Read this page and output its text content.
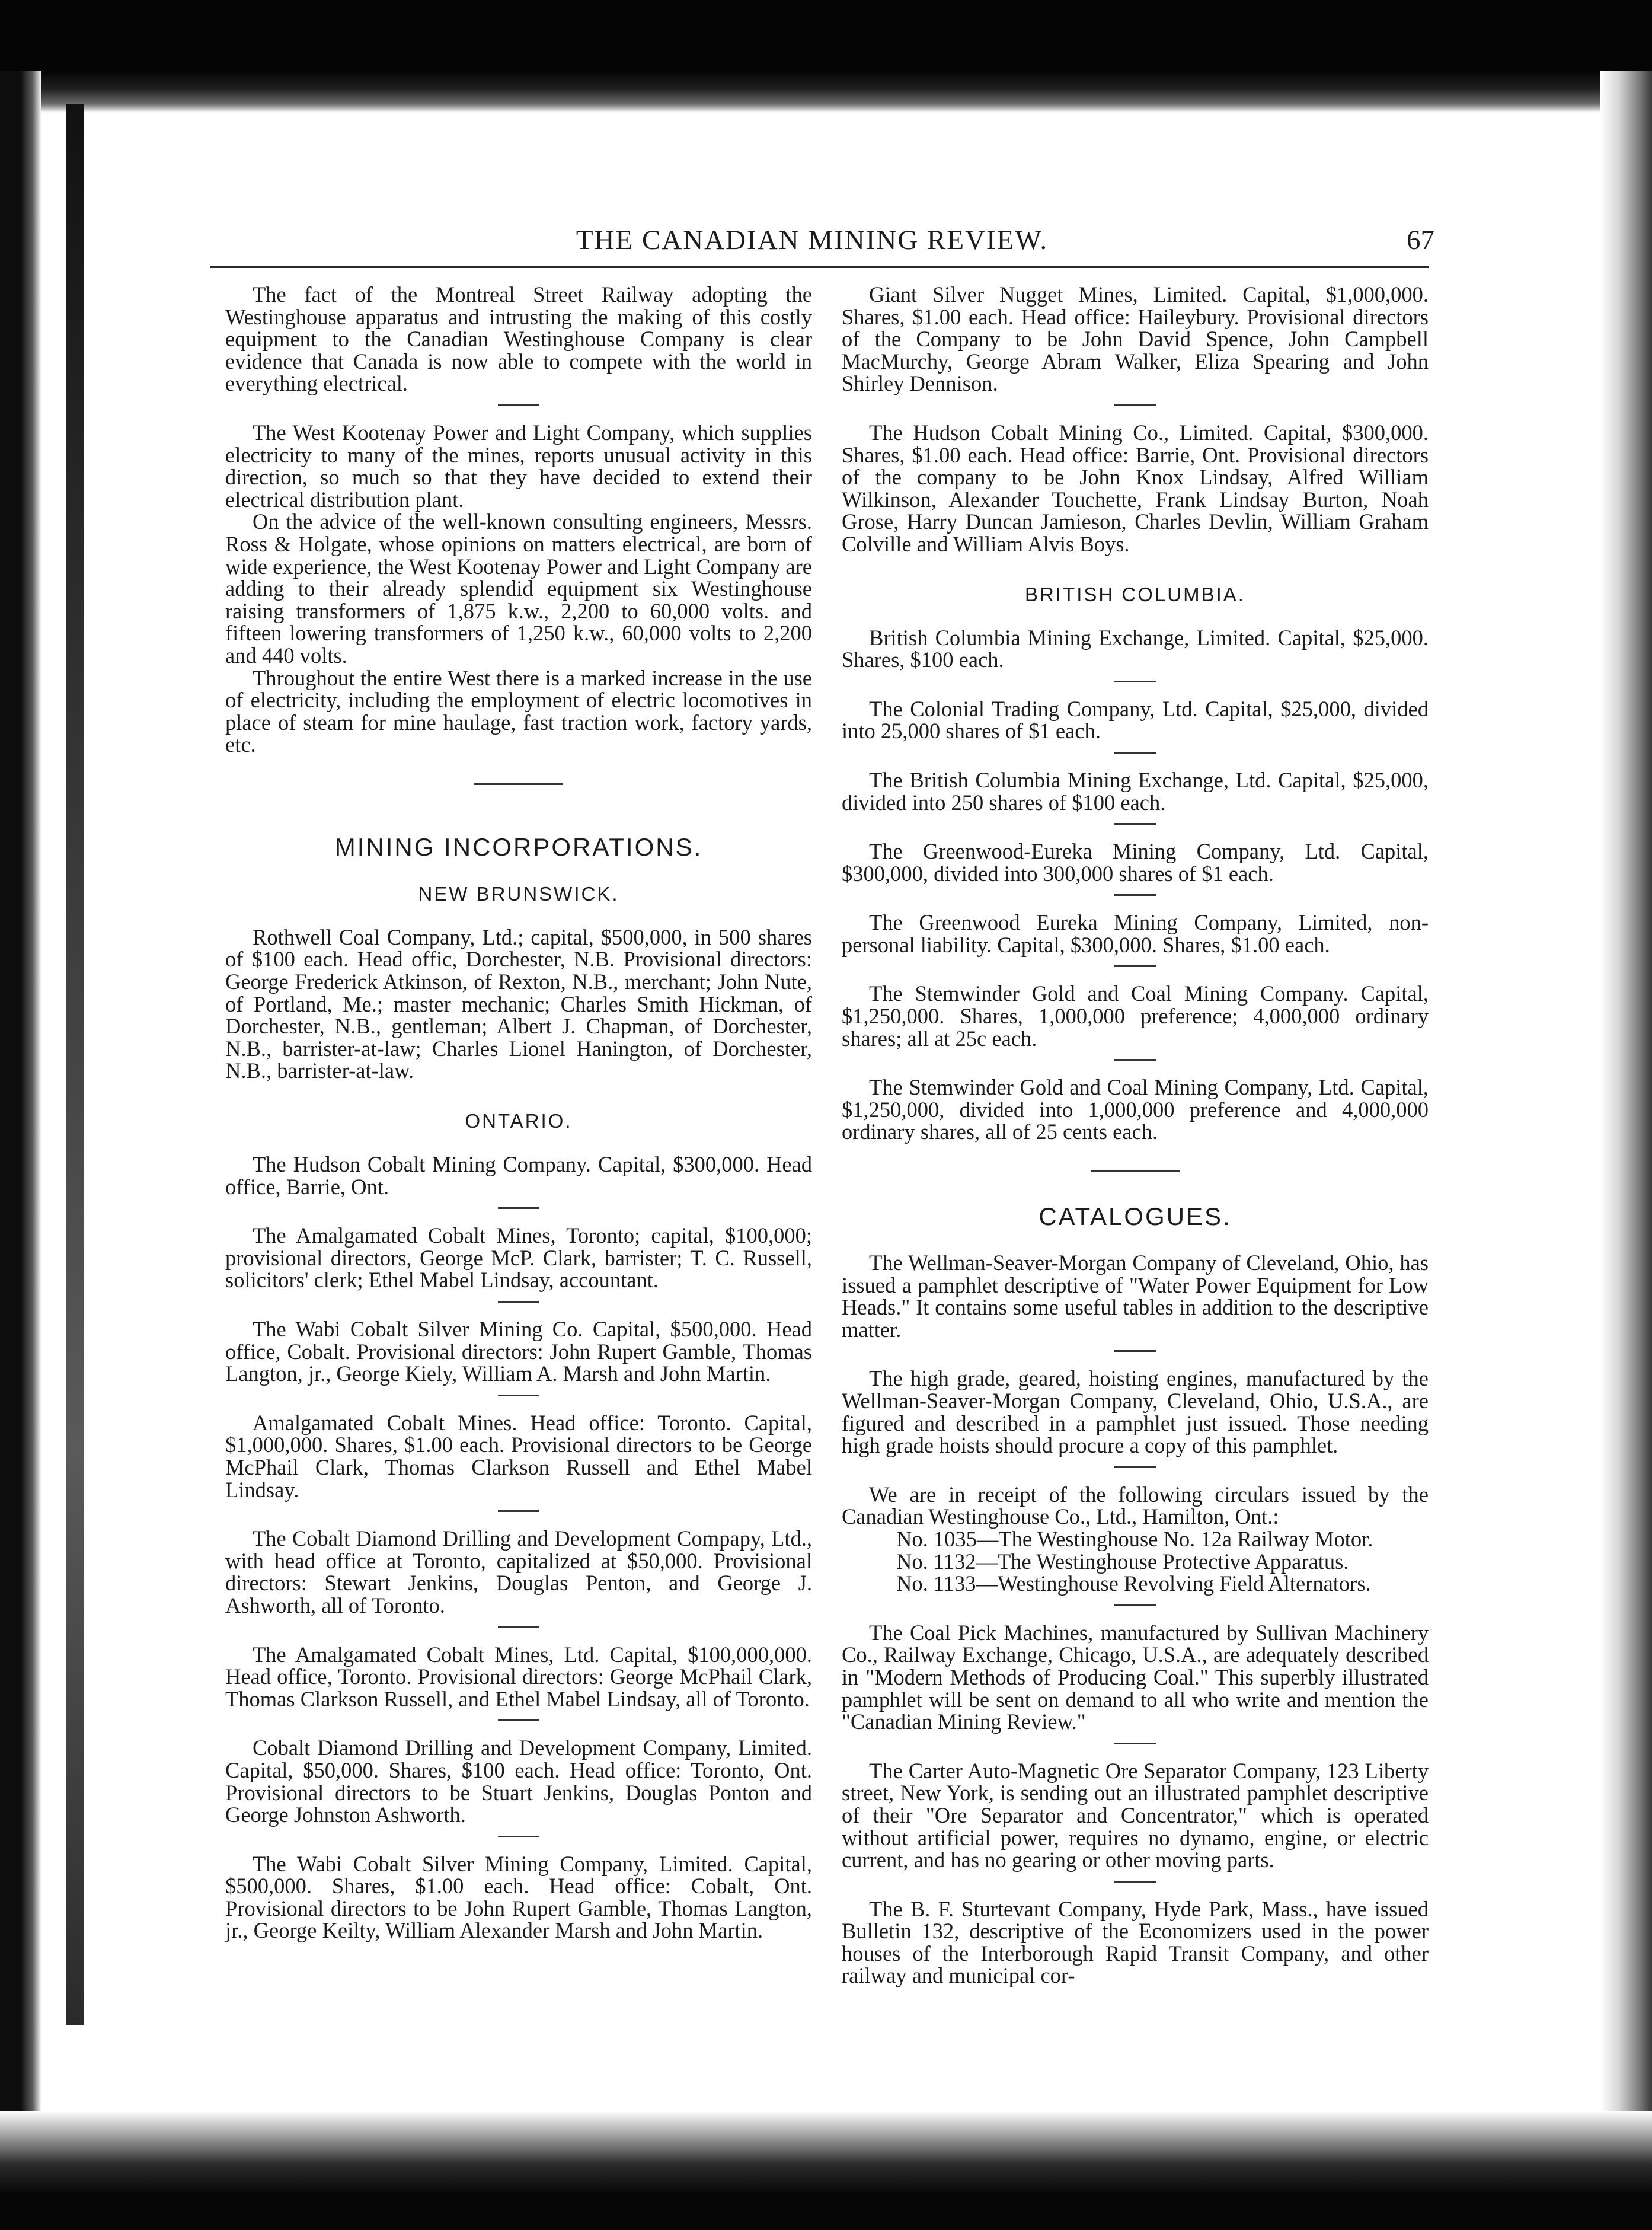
THE CANADIAN MINING REVIEW.	67

The fact of the Montreal Street Railway adopting the Westinghouse apparatus and intrusting the making of this costly equipment to the Canadian Westinghouse Company is clear evidence that Canada is now able to compete with the world in everything electrical.

The West Kootenay Power and Light Company, which supplies electricity to many of the mines, reports unusual activity in this direction, so much so that they have decided to extend their electrical distribution plant.

On the advice of the well-known consulting engineers, Messrs. Ross & Holgate, whose opinions on matters electrical, are born of wide experience, the West Kootenay Power and Light Company are adding to their already splendid equipment six Westinghouse raising transformers of 1,875 k.w., 2,200 to 60,000 volts. and fifteen lowering transformers of 1,250 k.w., 60,000 volts to 2,200 and 440 volts.

Throughout the entire West there is a marked increase in the use of electricity, including the employment of electric locomotives in place of steam for mine haulage, fast traction work, factory yards, etc.

MINING INCORPORATIONS.
NEW BRUNSWICK.

Rothwell Coal Company, Ltd.; capital, $500,000, in 500 shares of $100 each. Head offic, Dorchester, N.B. Provisional directors: George Frederick Atkinson, of Rexton, N.B., merchant; John Nute, of Portland, Me.; master mechanic; Charles Smith Hickman, of Dorchester, N.B., gentleman; Albert J. Chapman, of Dorchester, N.B., barrister-at-law; Charles Lionel Hanington, of Dorchester, N.B., barrister-at-law.

ONTARIO.

The Hudson Cobalt Mining Company. Capital, $300,000. Head office, Barrie, Ont.

The Amalgamated Cobalt Mines, Toronto; capital, $100,000; provisional directors, George McP. Clark, barrister; T. C. Russell, solicitors' clerk; Ethel Mabel Lindsay, accountant.

The Wabi Cobalt Silver Mining Co. Capital, $500,000. Head office, Cobalt. Provisional directors: John Rupert Gamble, Thomas Langton, jr., George Kiely, William A. Marsh and John Martin.

Amalgamated Cobalt Mines. Head office: Toronto. Capital, $1,000,000. Shares, $1.00 each. Provisional directors to be George McPhail Clark, Thomas Clarkson Russell and Ethel Mabel Lindsay.

The Cobalt Diamond Drilling and Development Compapy, Ltd., with head office at Toronto, capitalized at $50,000. Provisional directors: Stewart Jenkins, Douglas Penton, and George J. Ashworth, all of Toronto.

The Amalgamated Cobalt Mines, Ltd. Capital, $100,000,000. Head office, Toronto. Provisional directors: George McPhail Clark, Thomas Clarkson Russell, and Ethel Mabel Lindsay, all of Toronto.

Cobalt Diamond Drilling and Development Company, Limited. Capital, $50,000. Shares, $100 each. Head office: Toronto, Ont. Provisional directors to be Stuart Jenkins, Douglas Ponton and George Johnston Ashworth.

The Wabi Cobalt Silver Mining Company, Limited. Capital, $500,000. Shares, $1.00 each. Head office: Cobalt, Ont. Provisional directors to be John Rupert Gamble, Thomas Langton, jr., George Keilty, William Alexander Marsh and John Martin.

Giant Silver Nugget Mines, Limited. Capital, $1,000,000. Shares, $1.00 each. Head office: Haileybury. Provisional directors of the Company to be John David Spence, John Campbell MacMurchy, George Abram Walker, Eliza Spearing and John Shirley Dennison.

The Hudson Cobalt Mining Co., Limited. Capital, $300,000. Shares, $1.00 each. Head office: Barrie, Ont. Provisional directors of the company to be John Knox Lindsay, Alfred William Wilkinson, Alexander Touchette, Frank Lindsay Burton, Noah Grose, Harry Duncan Jamieson, Charles Devlin, William Graham Colville and William Alvis Boys.

BRITISH COLUMBIA.

British Columbia Mining Exchange, Limited. Capital, $25,000. Shares, $100 each.

The Colonial Trading Company, Ltd. Capital, $25,000, divided into 25,000 shares of $1 each.

The British Columbia Mining Exchange, Ltd. Capital, $25,000, divided into 250 shares of $100 each.

The Greenwood-Eureka Mining Company, Ltd. Capital, $300,000, divided into 300,000 shares of $1 each.

The Greenwood Eureka Mining Company, Limited, non-personal liability. Capital, $300,000. Shares, $1.00 each.

The Stemwinder Gold and Coal Mining Company. Capital, $1,250,000. Shares, 1,000,000 preference; 4,000,000 ordinary shares; all at 25c each.

The Stemwinder Gold and Coal Mining Company, Ltd. Capital, $1,250,000, divided into 1,000,000 preference and 4,000,000 ordinary shares, all of 25 cents each.

CATALOGUES.

The Wellman-Seaver-Morgan Company of Cleveland, Ohio, has issued a pamphlet descriptive of "Water Power Equipment for Low Heads." It contains some useful tables in addition to the descriptive matter.

The high grade, geared, hoisting engines, manufactured by the Wellman-Seaver-Morgan Company, Cleveland, Ohio, U.S.A., are figured and described in a pamphlet just issued. Those needing high grade hoists should procure a copy of this pamphlet.

We are in receipt of the following circulars issued by the Canadian Westinghouse Co., Ltd., Hamilton, Ont.:

No. 1035—The Westinghouse No. 12a Railway Motor.
No. 1132—The Westinghouse Protective Apparatus.
No. 1133—Westinghouse Revolving Field Alternators.

The Coal Pick Machines, manufactured by Sullivan Machinery Co., Railway Exchange, Chicago, U.S.A., are adequately described in "Modern Methods of Producing Coal." This superbly illustrated pamphlet will be sent on demand to all who write and mention the "Canadian Mining Review."

The Carter Auto-Magnetic Ore Separator Company, 123 Liberty street, New York, is sending out an illustrated pamphlet descriptive of their "Ore Separator and Concentrator," which is operated without artificial power, requires no dynamo, engine, or electric current, and has no gearing or other moving parts.

The B. F. Sturtevant Company, Hyde Park, Mass., have issued Bulletin 132, descriptive of the Economizers used in the power houses of the Interborough Rapid Transit Company, and other railway and municipal cor-
